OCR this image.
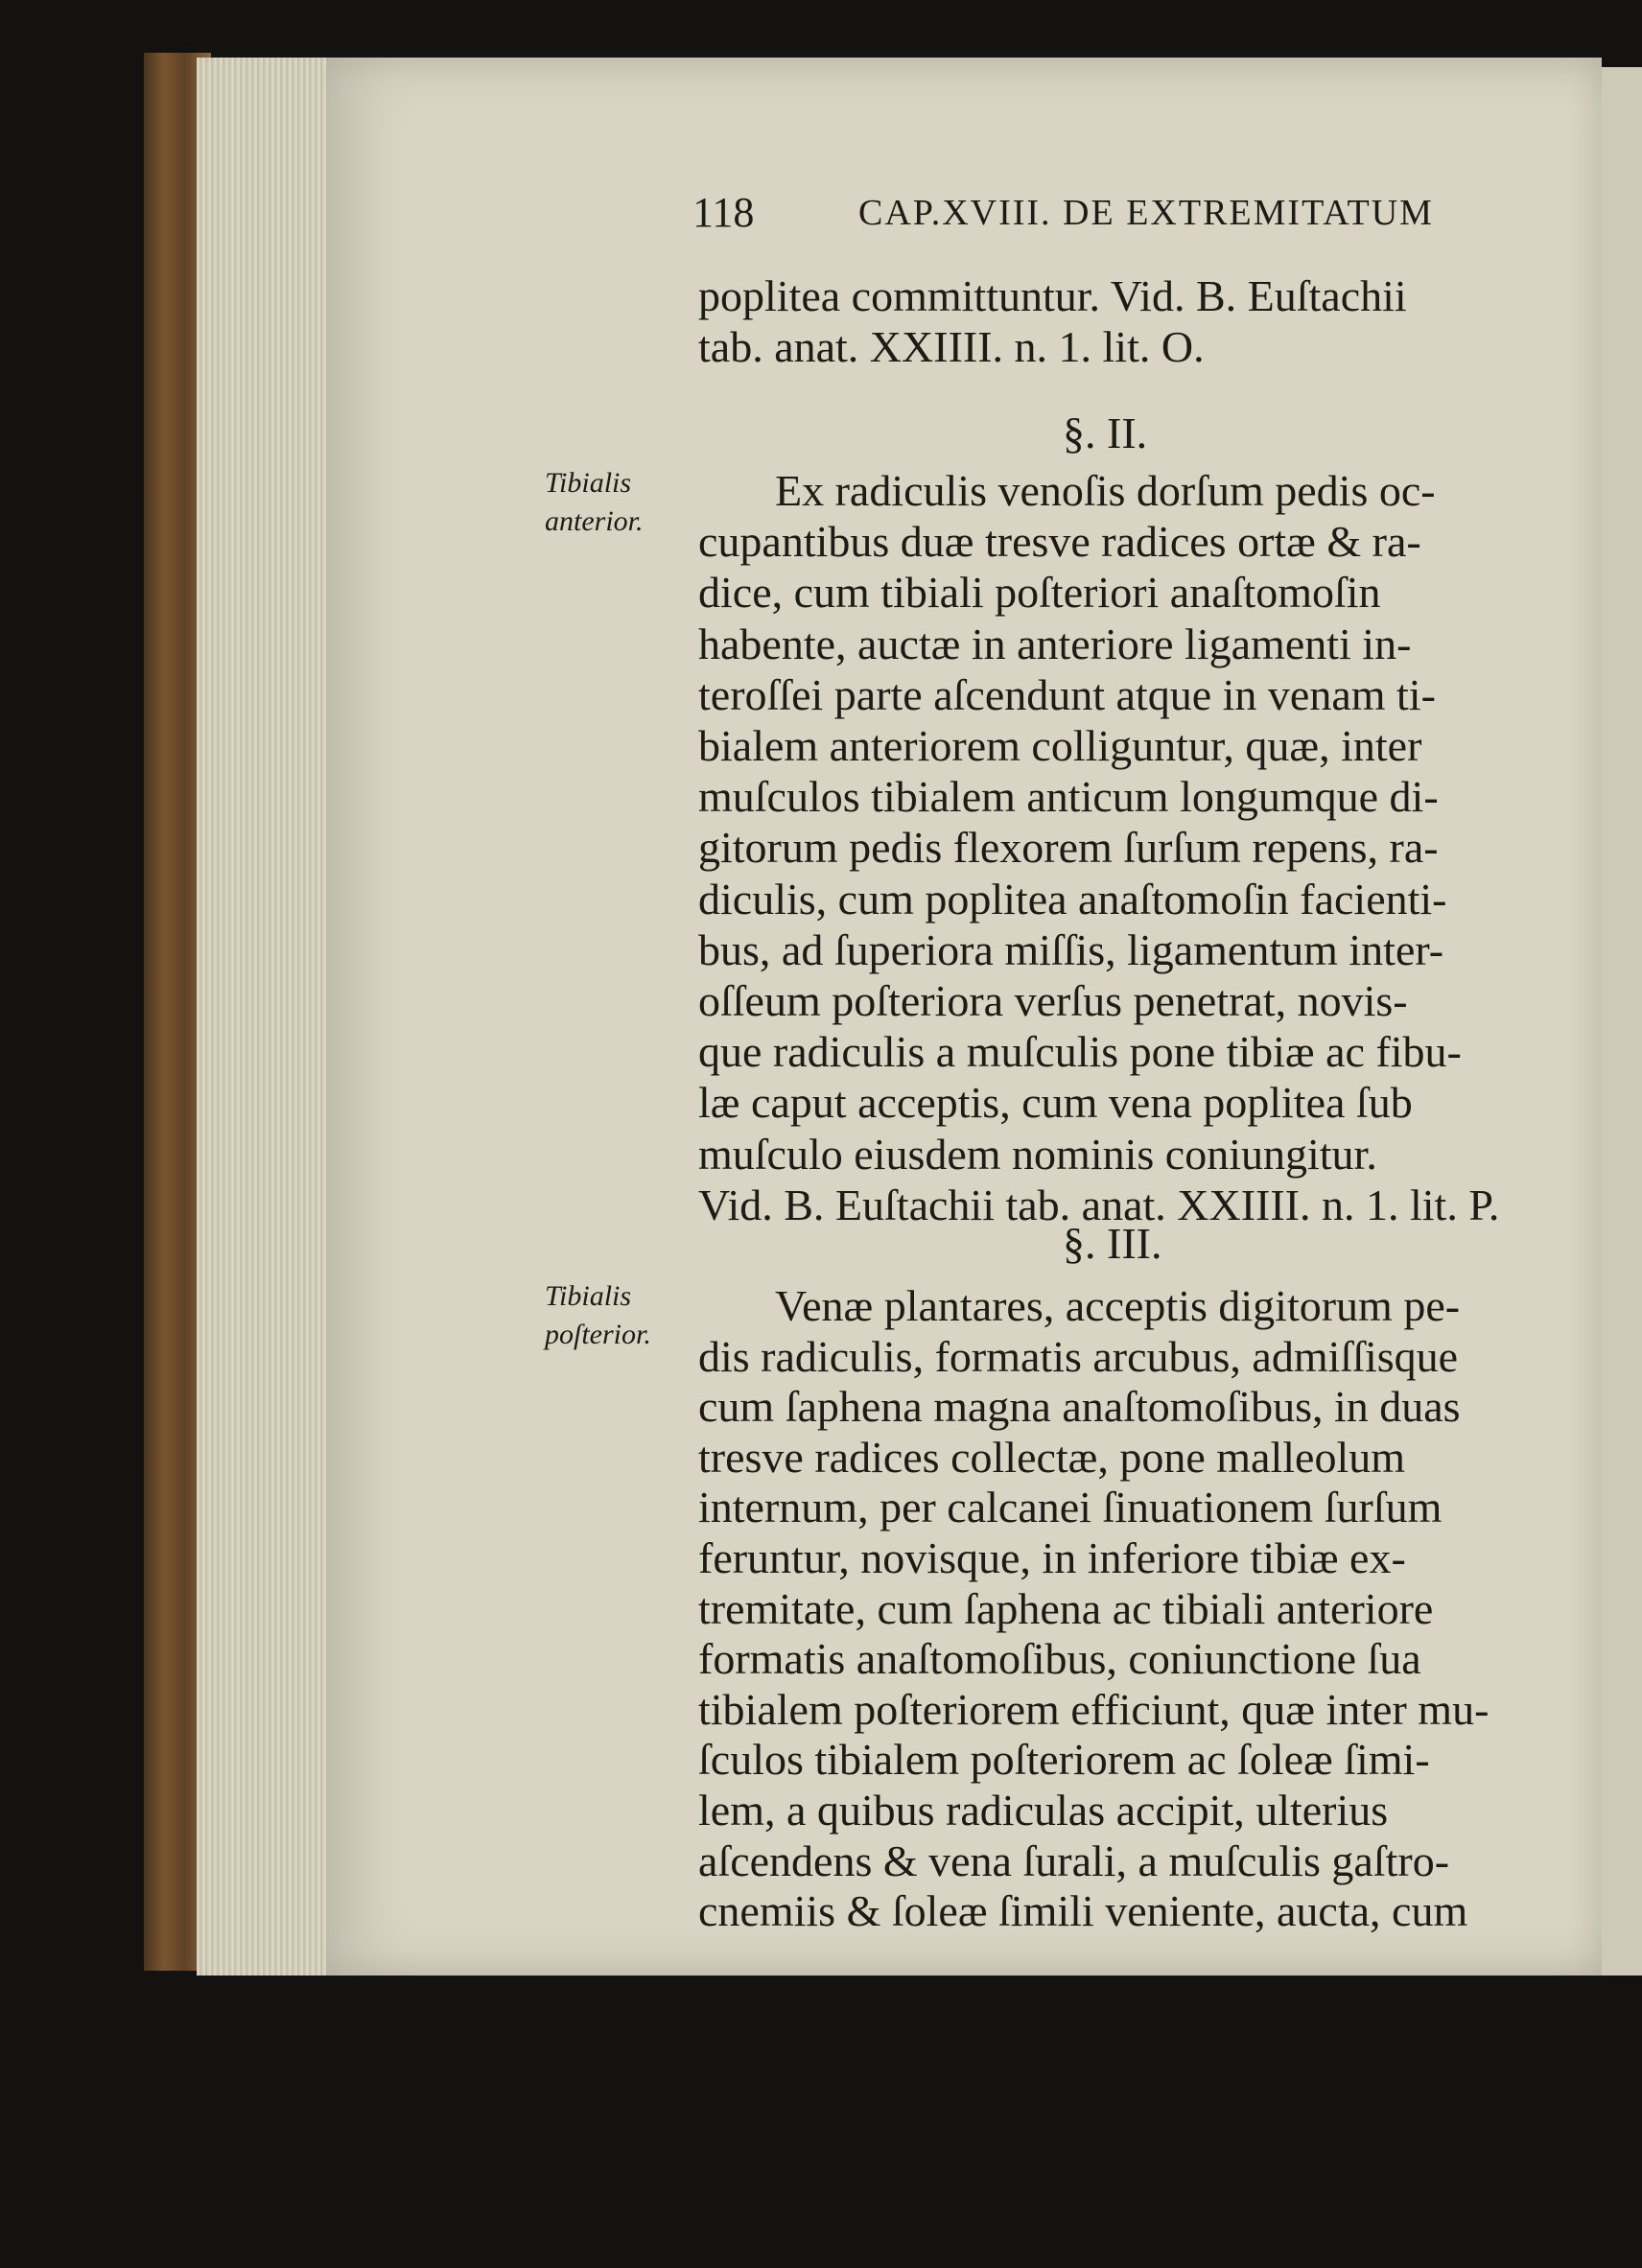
118	CAP.XVIII. DE EXTREMITATUM
poplitea committuntur. Vid. B. Euſtachii
tab. anat. XXIIII. n. 1. lit. O.
§. II.
Tibialis
anterior.
Ex radiculis venoſis dorſum pedis oc-
cupantibus duæ tresve radices ortæ & ra-
dice, cum tibiali poſteriori anaſtomoſin
habente, auctæ in anteriore ligamenti in-
teroſſei parte aſcendunt atque in venam ti-
bialem anteriorem colliguntur, quæ, inter
muſculos tibialem anticum longumque di-
gitorum pedis flexorem ſurſum repens, ra-
diculis, cum poplitea anaſtomoſin facienti-
bus, ad ſuperiora miſſis, ligamentum inter-
oſſeum poſteriora verſus penetrat, novis-
que radiculis a muſculis pone tibiæ ac fibu-
læ caput acceptis, cum vena poplitea ſub
muſculo eiusdem nominis coniungitur.
Vid. B. Euſtachii tab. anat. XXIIII. n. 1. lit. P.
§. III.
Tibialis
poſterior.
Venæ plantares, acceptis digitorum pe-
dis radiculis, formatis arcubus, admiſſisque
cum ſaphena magna anaſtomoſibus, in duas
tresve radices collectæ, pone malleolum
internum, per calcanei ſinuationem ſurſum
feruntur, novisque, in inferiore tibiæ ex-
tremitate, cum ſaphena ac tibiali anteriore
formatis anaſtomoſibus, coniunctione ſua
tibialem poſteriorem efficiunt, quæ inter mu-
ſculos tibialem poſteriorem ac ſoleæ ſimi-
lem, a quibus radiculas accipit, ulterius
aſcendens & vena ſurali, a muſculis gaſtro-
cnemiis & ſoleæ ſimili veniente, aucta, cum
